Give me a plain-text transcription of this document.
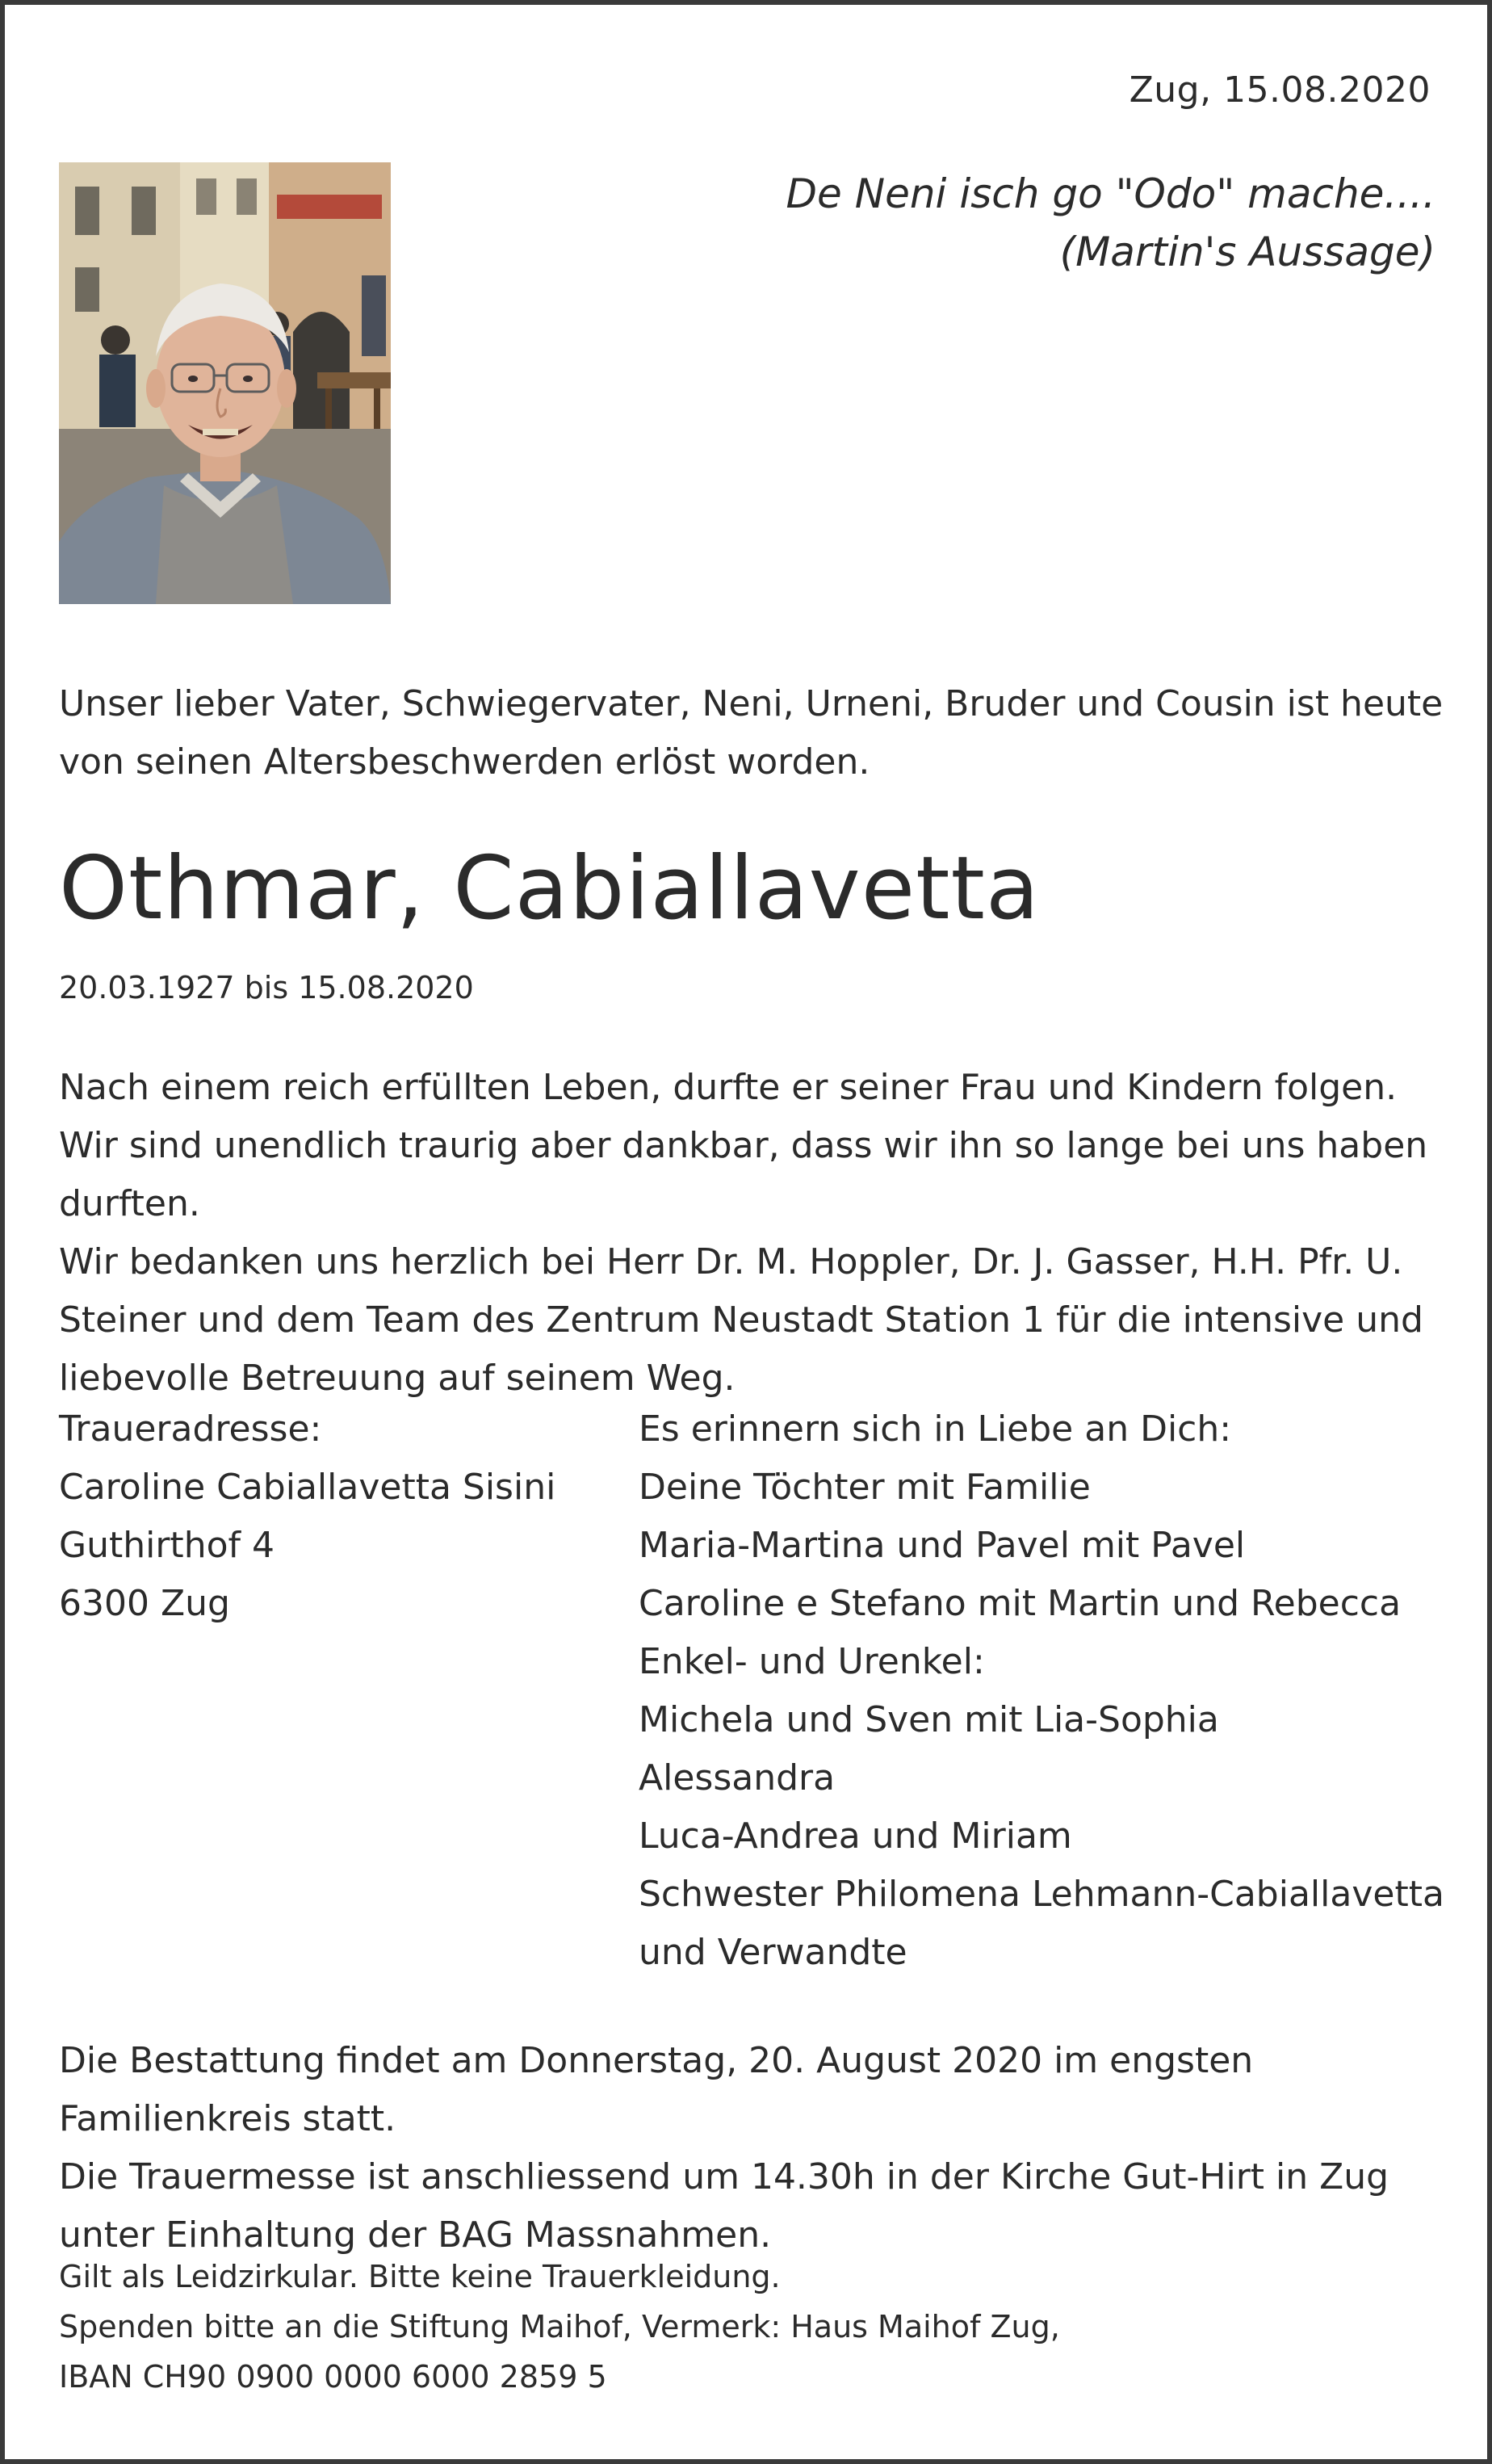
Zug, 15.08.2020
De Neni isch go "Odo" mache....
(Martin's Aussage)
Unser lieber Vater, Schwiegervater, Neni, Urneni, Bruder und Cousin ist heute von seinen Altersbeschwerden erlöst worden.
Othmar, Cabiallavetta
20.03.1927 bis 15.08.2020

Nach einem reich erfüllten Leben, durfte er seiner Frau und Kindern folgen. Wir sind unendlich traurig aber dankbar, dass wir ihn so lange bei uns haben durften.

Wir bedanken uns herzlich bei Herr Dr. M. Hoppler, Dr. J. Gasser, H.H. Pfr. U. Steiner und dem Team des Zentrum Neustadt Station 1 für die intensive und liebevolle Betreuung auf seinem Weg.

Traueradresse:
Caroline Cabiallavetta Sisini
Guthirthof 4
6300 Zug
Es erinnern sich in Liebe an Dich:
Deine Töchter mit Familie
Maria-Martina und Pavel mit Pavel
Caroline e Stefano mit Martin und Rebecca
Enkel- und Urenkel:
Michela und Sven mit Lia-Sophia
Alessandra
Luca-Andrea und Miriam
Schwester Philomena Lehmann-Cabiallavetta
und Verwandte

Die Bestattung findet am Donnerstag, 20. August 2020 im engsten Familienkreis statt.

Die Trauermesse ist anschliessend um 14.30h in der Kirche Gut-Hirt in Zug unter Einhaltung der BAG Massnahmen.

Gilt als Leidzirkular. Bitte keine Trauerkleidung.
Spenden bitte an die Stiftung Maihof, Vermerk: Haus Maihof Zug,
IBAN CH90 0900 0000 6000 2859 5
